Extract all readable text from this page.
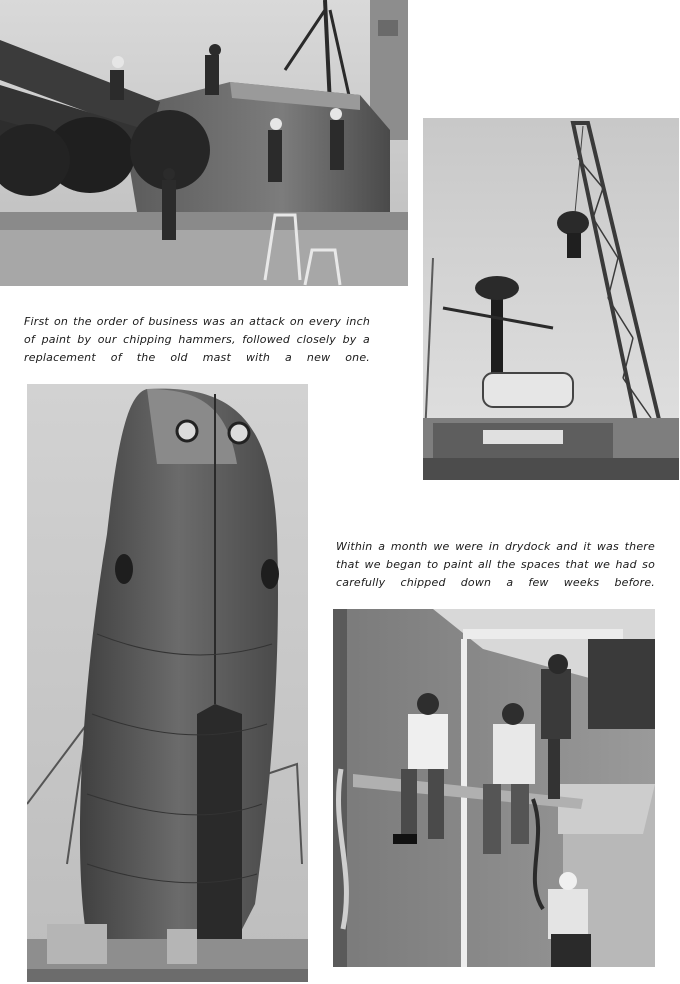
First on the order of business was an attack on every inch of paint by our chipping hammers, followed closely by a replacement of the old mast with a new one.

Within a month we were in drydock and it was there that we began to paint all the spaces that we had so carefully chipped down a few weeks before.
